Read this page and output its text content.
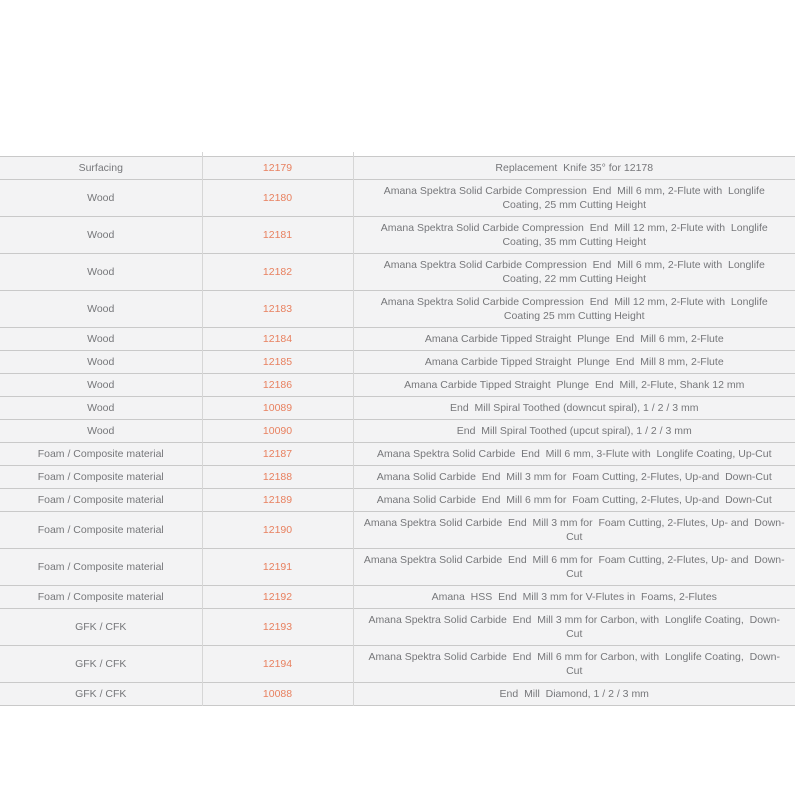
Surfacing	12179	Replacement  Knife 35° for 12178
Wood	12180	Amana Spektra Solid Carbide Compression  End  Mill 6 mm, 2-Flute with  Longlife Coating, 25 mm Cutting Height
Wood	12181	Amana Spektra Solid Carbide Compression  End  Mill 12 mm, 2-Flute with  Longlife Coating, 35 mm Cutting Height
Wood	12182	Amana Spektra Solid Carbide Compression  End  Mill 6 mm, 2-Flute with  Longlife Coating, 22 mm Cutting Height
Wood	12183	Amana Spektra Solid Carbide Compression  End  Mill 12 mm, 2-Flute with  Longlife Coating 25 mm Cutting Height
Wood	12184	Amana Carbide Tipped Straight  Plunge  End  Mill 6 mm, 2-Flute
Wood	12185	Amana Carbide Tipped Straight  Plunge  End  Mill 8 mm, 2-Flute
Wood	12186	Amana Carbide Tipped Straight  Plunge  End  Mill, 2-Flute, Shank 12 mm
Wood	10089	End  Mill Spiral Toothed (downcut spiral), 1 / 2 / 3 mm
Wood	10090	End  Mill Spiral Toothed (upcut spiral), 1 / 2 / 3 mm
Foam / Composite material	12187	Amana Spektra Solid Carbide  End  Mill 6 mm, 3-Flute with  Longlife Coating, Up-Cut
Foam / Composite material	12188	Amana Solid Carbide  End  Mill 3 mm for  Foam Cutting, 2-Flutes, Up-and  Down-Cut
Foam / Composite material	12189	Amana Solid Carbide  End  Mill 6 mm for  Foam Cutting, 2-Flutes, Up-and  Down-Cut
Foam / Composite material	12190	Amana Spektra Solid Carbide  End  Mill 3 mm for  Foam Cutting, 2-Flutes, Up- and  Down-Cut
Foam / Composite material	12191	Amana Spektra Solid Carbide  End  Mill 6 mm for  Foam Cutting, 2-Flutes, Up- and  Down-Cut
Foam / Composite material	12192	Amana  HSS  End  Mill 3 mm for V-Flutes in  Foams, 2-Flutes
GFK / CFK	12193	Amana Spektra Solid Carbide  End  Mill 3 mm for Carbon, with  Longlife Coating,  Down-Cut
GFK / CFK	12194	Amana Spektra Solid Carbide  End  Mill 6 mm for Carbon, with  Longlife Coating,  Down-Cut
GFK / CFK	10088	End  Mill  Diamond, 1 / 2 / 3 mm
